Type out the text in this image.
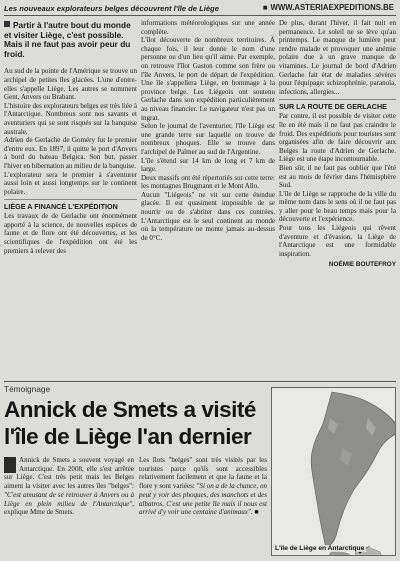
Les nouveaux explorateurs belges découvrent l'île de Liège	■ WWW.ASTERIAEXPEDITIONS.BE
Partir à l'autre bout du monde et visiter Liège, c'est possible. Mais il ne faut pas avoir peur du froid.

Au sud de la pointe de l'Amérique se trouve un archipel de petites îles glacées. L'une d'entre-elles s'appelle Liège. Les autres se nomment Gent, Anvers ou Brabant.

L'histoire des explorateurs belges est très liée à l'Antarctique. Nombreux sont nos savants et aventuriers qui se sont risqués sur la banquise australe.

Adrien de Gerlache de Goméry fut le premier d'entre eux. En 1897, il quitte le port d'Anvers à bord du bateau Belgica. Son but, passer l'hiver en hibernation au milieu de la banquise.

L'explorateur sera le premier à s'aventurer aussi loin et aussi longtemps sur le continent polaire.

LIÈGE A FINANCÉ L'EXPÉDITION

Les travaux de de Gerlache ont énormément apporté à la science, de nouvelles espèces de faune et de flore ont été découvertes, et les scientifiques de l'expédition ont été les premiers à relever des

informations météorologiques sur une année complète.

L'îlot découverte de nombreux territoires. À chaque fois, il leur donne le nom d'une personne ou d'un lieu qu'il aime. Par exemple, on retrouve l'îlot Gaston comme son frère ou l'île Anvers, le port de départ de l'expédition. Une île s'appellera Liège, en hommage à la province belge. Les Liégeois ont soutenu Gerlache dans son expédition particulièrement au niveau financier. Le navigateur n'est pas un ingrat.

Selon le journal de l'aventurier, l'île Liège est une grande terre sur laquelle on trouve de nombreux phoques. Elle se trouve dans l'archipel de Palmer au sud de l'Argentine.

L'île s'étend sur 14 km de long et 7 km de large.

Deux massifs ont été répertoriés sur cette terre: les montagnes Brugmann et le Mont Allo.

Aucun "Liégeois" ne vit sur cette étendue glacée. Il est quasiment impossible de se nourrir ou de s'abriter dans ces contrées. L'Antarctique est le seul continent au monde où la température ne monte jamais au-dessus de 0°C.

De plus, durant l'hiver, il fait nuit en permanence. Le soleil ne se lève qu'au printemps. Le manque de lumière peut rendre malade et provoquer une anémie polaire due à un grave manque de vitamines. Le journal de bord d'Adrien Gerlache fait état de maladies sévères pour l'équipage: schizophrénie, paranoïa, infections, allergies...

SUR LA ROUTE DE GERLACHE

Par contre, il est possible de visiter cette île en été mais il ne faut pas craindre le froid. Des expéditions pour touristes sont organisées afin de faire découvrir aux Belges la route d'Adrien de Gerlache. Liège est une étape incontournable.

Bien sûr, il ne faut pas oublier que l'été est au mois de février dans l'hémisphère Sud.

L'île de Liège se rapproche de la ville du même nom dans le sens où il ne faut pas y aller pour le beau temps mais pour la découverte et l'expérience.

Pour tous les Liégeois qui rêvent d'aventure et d'évasion, la Liège de l'Antarctique est une formidable inspiration.

NOÉMIE BOUTEFROY
Témoignage
Annick de Smets a visité l'île de Liège l'an dernier
Annick de Smets a souvent voyagé en Antarctique. En 2008, elle s'est arrêtée sur Liège. C'est très petit mais les Belges aiment la visiter avec les autres îles "belges": "C'est amusant de se retrouver à Anvers ou à Liège en plein milieu de l'Antarctique", explique Mme de Smets.
Les îlots "belges" sont très visités par les touristes parce qu'ils sont accessibles relativement facilement et que la faune et la flore y sont variées: "Si on a de la chance, on peut y voir des phoques, des manchots et des albatros. C'est une petite île mais il nous est arrivé d'y voir une centaine d'animaux". ■
L'île de Liège en Antarctique
